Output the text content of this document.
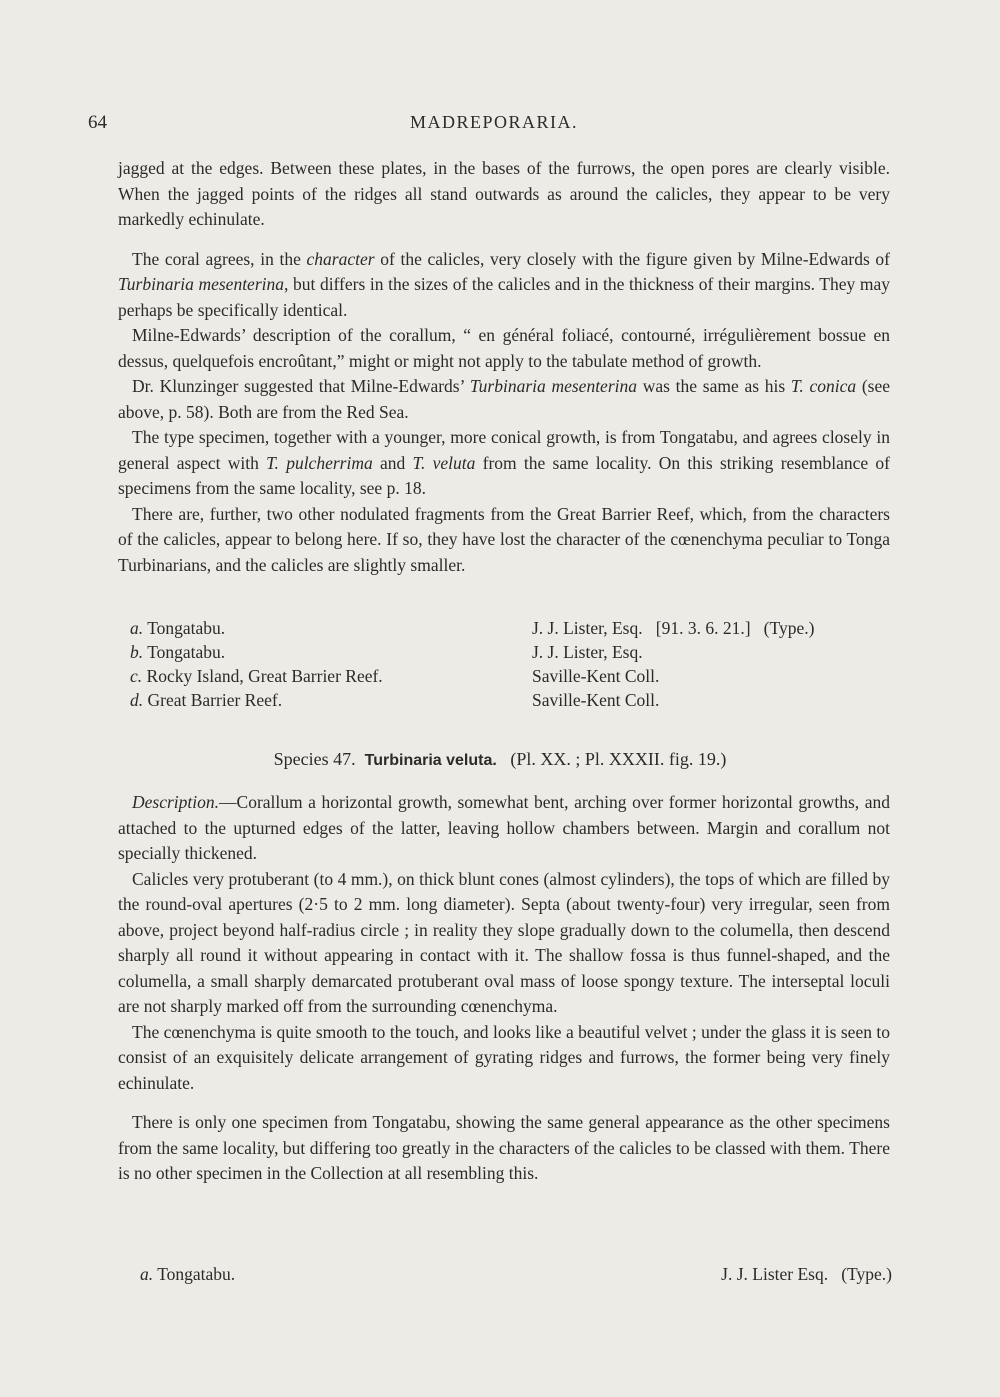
64	MADREPORARIA.

jagged at the edges. Between these plates, in the bases of the furrows, the open pores are clearly visible. When the jagged points of the ridges all stand outwards as around the calicles, they appear to be very markedly echinulate.

The coral agrees, in the character of the calicles, very closely with the figure given by Milne-Edwards of Turbinaria mesenterina, but differs in the sizes of the calicles and in the thickness of their margins. They may perhaps be specifically identical.

Milne-Edwards’ description of the corallum, “ en général foliacé, contourné, irrégulièrement bossue en dessus, quelquefois encroûtant,” might or might not apply to the tabulate method of growth.

Dr. Klunzinger suggested that Milne-Edwards’ Turbinaria mesenterina was the same as his T. conica (see above, p. 58). Both are from the Red Sea.

The type specimen, together with a younger, more conical growth, is from Tongatabu, and agrees closely in general aspect with T. pulcherrima and T. veluta from the same locality. On this striking resemblance of specimens from the same locality, see p. 18.

There are, further, two other nodulated fragments from the Great Barrier Reef, which, from the characters of the calicles, appear to belong here. If so, they have lost the character of the cœnenchyma peculiar to Tonga Turbinarians, and the calicles are slightly smaller.

a. Tongatabu.	J. J. Lister, Esq.   [91. 3. 6. 21.]   (Type.)
b. Tongatabu.	J. J. Lister, Esq.
c. Rocky Island, Great Barrier Reef.	Saville-Kent Coll.
d. Great Barrier Reef.	Saville-Kent Coll.
Species 47. Turbinaria veluta. (Pl. XX. ; Pl. XXXII. fig. 19.)

Description.—Corallum a horizontal growth, somewhat bent, arching over former horizontal growths, and attached to the upturned edges of the latter, leaving hollow chambers between. Margin and corallum not specially thickened.

Calicles very protuberant (to 4 mm.), on thick blunt cones (almost cylinders), the tops of which are filled by the round-oval apertures (2·5 to 2 mm. long diameter). Septa (about twenty-four) very irregular, seen from above, project beyond half-radius circle ; in reality they slope gradually down to the columella, then descend sharply all round it without appearing in contact with it. The shallow fossa is thus funnel-shaped, and the columella, a small sharply demarcated protuberant oval mass of loose spongy texture. The interseptal loculi are not sharply marked off from the surrounding cœnenchyma.

The cœnenchyma is quite smooth to the touch, and looks like a beautiful velvet ; under the glass it is seen to consist of an exquisitely delicate arrangement of gyrating ridges and furrows, the former being very finely echinulate.

There is only one specimen from Tongatabu, showing the same general appearance as the other specimens from the same locality, but differing too greatly in the characters of the calicles to be classed with them. There is no other specimen in the Collection at all resembling this.

a. Tongatabu.	J. J. Lister Esq.   (Type.)
